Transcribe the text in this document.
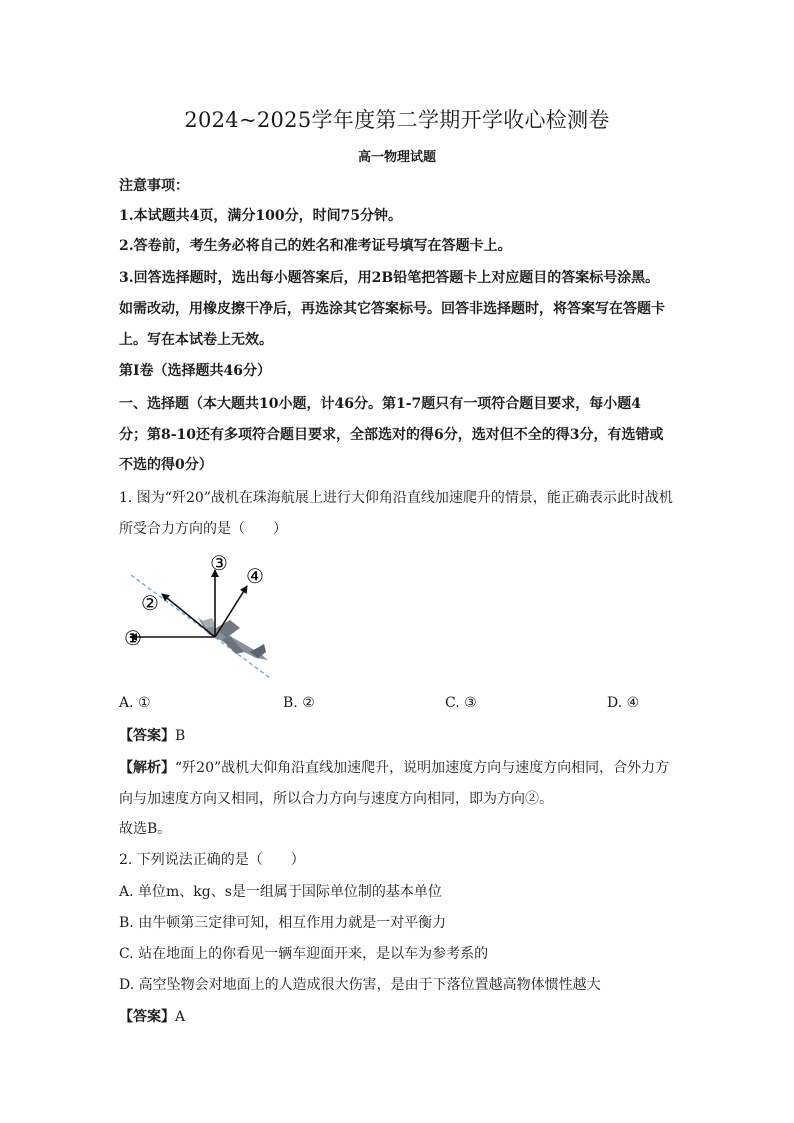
2024~2025学年度第二学期开学收心检测卷
高一物理试题
注意事项：
1.本试题共4页，满分100分，时间75分钟。
2.答卷前，考生务必将自己的姓名和准考证号填写在答题卡上。
3.回答选择题时，选出每小题答案后，用2B铅笔把答题卡上对应题目的答案标号涂黑。
如需改动，用橡皮擦干净后，再选涂其它答案标号。回答非选择题时，将答案写在答题卡
上。写在本试卷上无效。
第I卷（选择题共46分）
一、选择题（本大题共10小题，计46分。第1-7题只有一项符合题目要求，每小题4
分；第8-10还有多项符合题目要求，全部选对的得6分，选对但不全的得3分，有选错或
不选的得0分）
1. 图为“歼20”战机在珠海航展上进行大仰角沿直线加速爬升的情景，能正确表示此时战机
所受合力方向的是（　　）
①
②
③
④
A. ①	B. ②	C. ③	D. ④
【答案】B
【解析】“歼20”战机大仰角沿直线加速爬升，说明加速度方向与速度方向相同，合外力方
向与加速度方向又相同，所以合力方向与速度方向相同，即为方向②。
故选B。
2. 下列说法正确的是（　　）
A. 单位m、kg、s是一组属于国际单位制的基本单位
B. 由牛顿第三定律可知，相互作用力就是一对平衡力
C. 站在地面上的你看见一辆车迎面开来，是以车为参考系的
D. 高空坠物会对地面上的人造成很大伤害，是由于下落位置越高物体惯性越大
【答案】A
